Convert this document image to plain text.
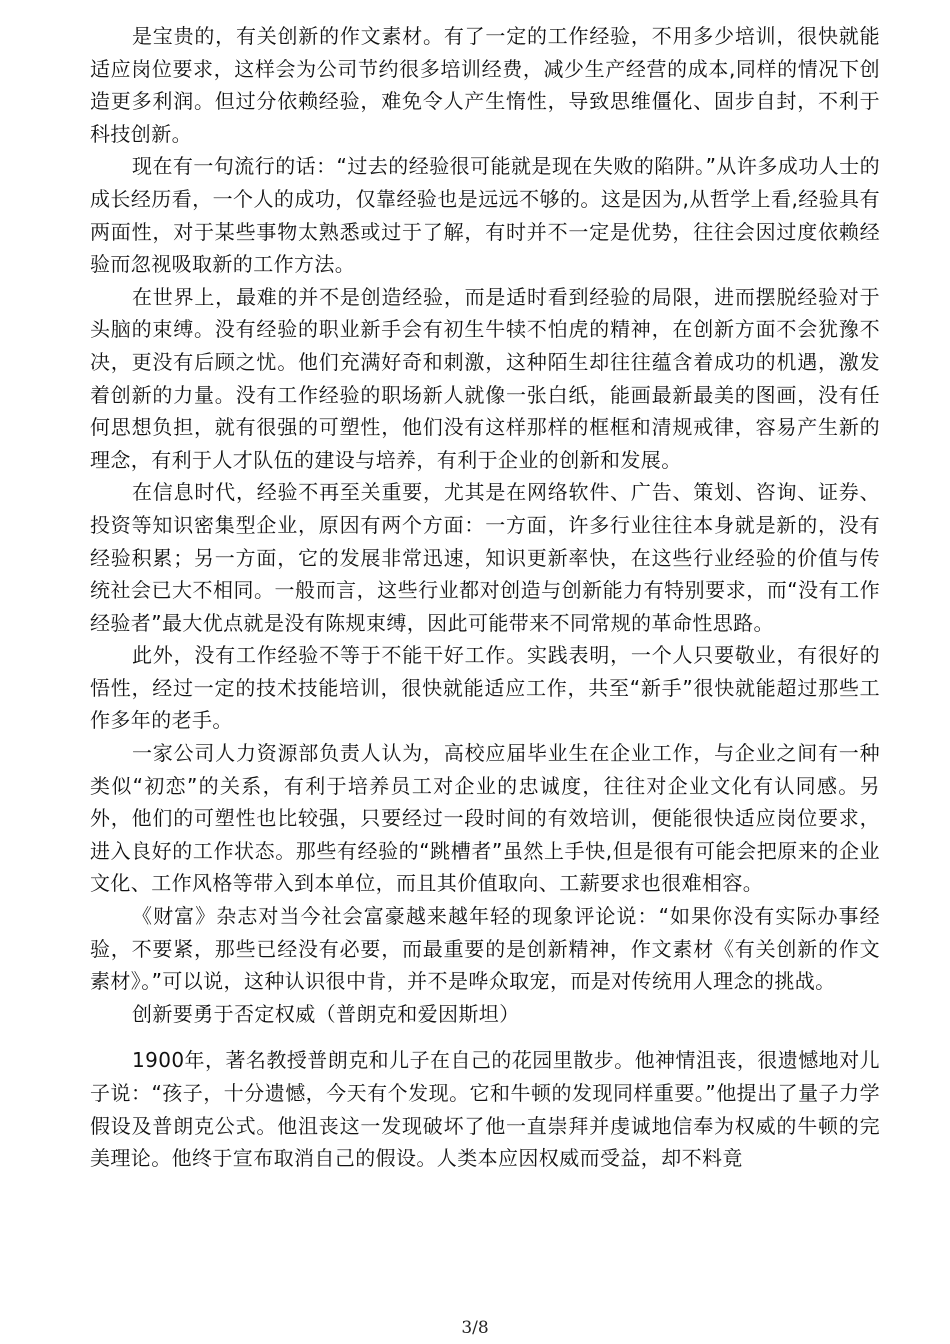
是宝贵的，有关创新的作文素材。有了一定的工作经验，不用多少培训，很快就能适应岗位要求，这样会为公司节约很多培训经费，减少生产经营的成本,同样的情况下创造更多利润。但过分依赖经验，难免令人产生惰性，导致思维僵化、固步自封，不利于科技创新。

现在有一句流行的话：“过去的经验很可能就是现在失败的陷阱。”从许多成功人士的成长经历看，一个人的成功，仅靠经验也是远远不够的。这是因为,从哲学上看,经验具有两面性，对于某些事物太熟悉或过于了解，有时并不一定是优势，往往会因过度依赖经验而忽视吸取新的工作方法。

在世界上，最难的并不是创造经验，而是适时看到经验的局限，进而摆脱经验对于头脑的束缚。没有经验的职业新手会有初生牛犊不怕虎的精神，在创新方面不会犹豫不决，更没有后顾之忧。他们充满好奇和刺激，这种陌生却往往蕴含着成功的机遇，激发着创新的力量。没有工作经验的职场新人就像一张白纸，能画最新最美的图画，没有任何思想负担，就有很强的可塑性，他们没有这样那样的框框和清规戒律，容易产生新的理念，有利于人才队伍的建设与培养，有利于企业的创新和发展。

在信息时代，经验不再至关重要，尤其是在网络软件、广告、策划、咨询、证券、投资等知识密集型企业，原因有两个方面：一方面，许多行业往往本身就是新的，没有经验积累；另一方面，它的发展非常迅速，知识更新率快，在这些行业经验的价值与传统社会已大不相同。一般而言，这些行业都对创造与创新能力有特别要求，而“没有工作经验者”最大优点就是没有陈规束缚，因此可能带来不同常规的革命性思路。

此外，没有工作经验不等于不能干好工作。实践表明，一个人只要敬业，有很好的悟性，经过一定的技术技能培训，很快就能适应工作，共至“新手”很快就能超过那些工作多年的老手。

一家公司人力资源部负责人认为，高校应届毕业生在企业工作，与企业之间有一种类似“初恋”的关系，有利于培养员工对企业的忠诚度，往往对企业文化有认同感。另外，他们的可塑性也比较强，只要经过一段时间的有效培训，便能很快适应岗位要求，进入良好的工作状态。那些有经验的“跳槽者”虽然上手快,但是很有可能会把原来的企业文化、工作风格等带入到本单位，而且其价值取向、工薪要求也很难相容。

《财富》杂志对当今社会富豪越来越年轻的现象评论说：“如果你没有实际办事经验，不要紧，那些已经没有必要，而最重要的是创新精神，作文素材《有关创新的作文素材》。”可以说，这种认识很中肯，并不是哗众取宠，而是对传统用人理念的挑战。

创新要勇于否定权威（普朗克和爱因斯坦）

1900年，著名教授普朗克和儿子在自己的花园里散步。他神情沮丧，很遗憾地对儿子说：“孩子，十分遗憾，今天有个发现。它和牛顿的发现同样重要。”他提出了量子力学假设及普朗克公式。他沮丧这一发现破坏了他一直崇拜并虔诚地信奉为权威的牛顿的完美理论。他终于宣布取消自己的假设。人类本应因权威而受益，却不料竟

3/8
